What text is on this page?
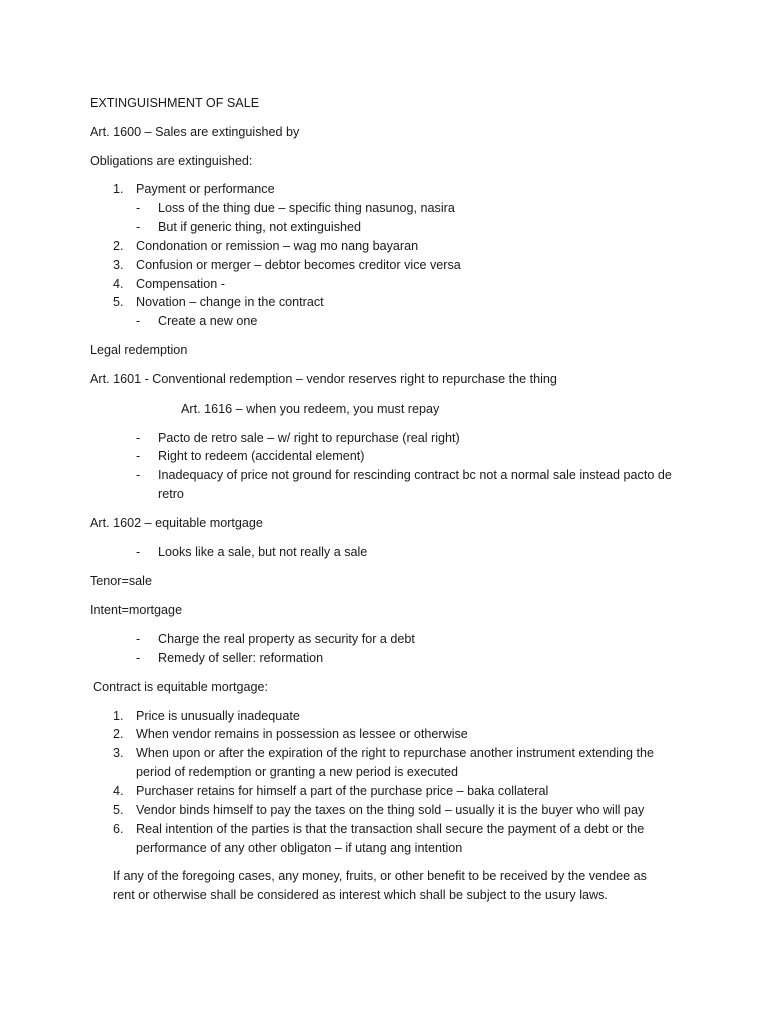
EXTINGUISHMENT OF SALE
Art. 1600 – Sales are extinguished by
Obligations are extinguished:
1. Payment or performance
- Loss of the thing due – specific thing nasunog, nasira
- But if generic thing, not extinguished
2. Condonation or remission – wag mo nang bayaran
3. Confusion or merger – debtor becomes creditor vice versa
4. Compensation -
5. Novation – change in the contract
- Create a new one
Legal redemption
Art. 1601 - Conventional redemption – vendor reserves right to repurchase the thing
Art. 1616 – when you redeem, you must repay
- Pacto de retro sale – w/ right to repurchase (real right)
- Right to redeem (accidental element)
- Inadequacy of price not ground for rescinding contract bc not a normal sale instead pacto de
retro
Art. 1602 – equitable mortgage
- Looks like a sale, but not really a sale
Tenor=sale
Intent=mortgage
- Charge the real property as security for a debt
- Remedy of seller: reformation
Contract is equitable mortgage:
1. Price is unusually inadequate
2. When vendor remains in possession as lessee or otherwise
3. When upon or after the expiration of the right to repurchase another instrument extending the
period of redemption or granting a new period is executed
4. Purchaser retains for himself a part of the purchase price – baka collateral
5. Vendor binds himself to pay the taxes on the thing sold – usually it is the buyer who will pay
6. Real intention of the parties is that the transaction shall secure the payment of a debt or the
performance of any other obligaton – if utang ang intention
If any of the foregoing cases, any money, fruits, or other benefit to be received by the vendee as
rent or otherwise shall be considered as interest which shall be subject to the usury laws.
